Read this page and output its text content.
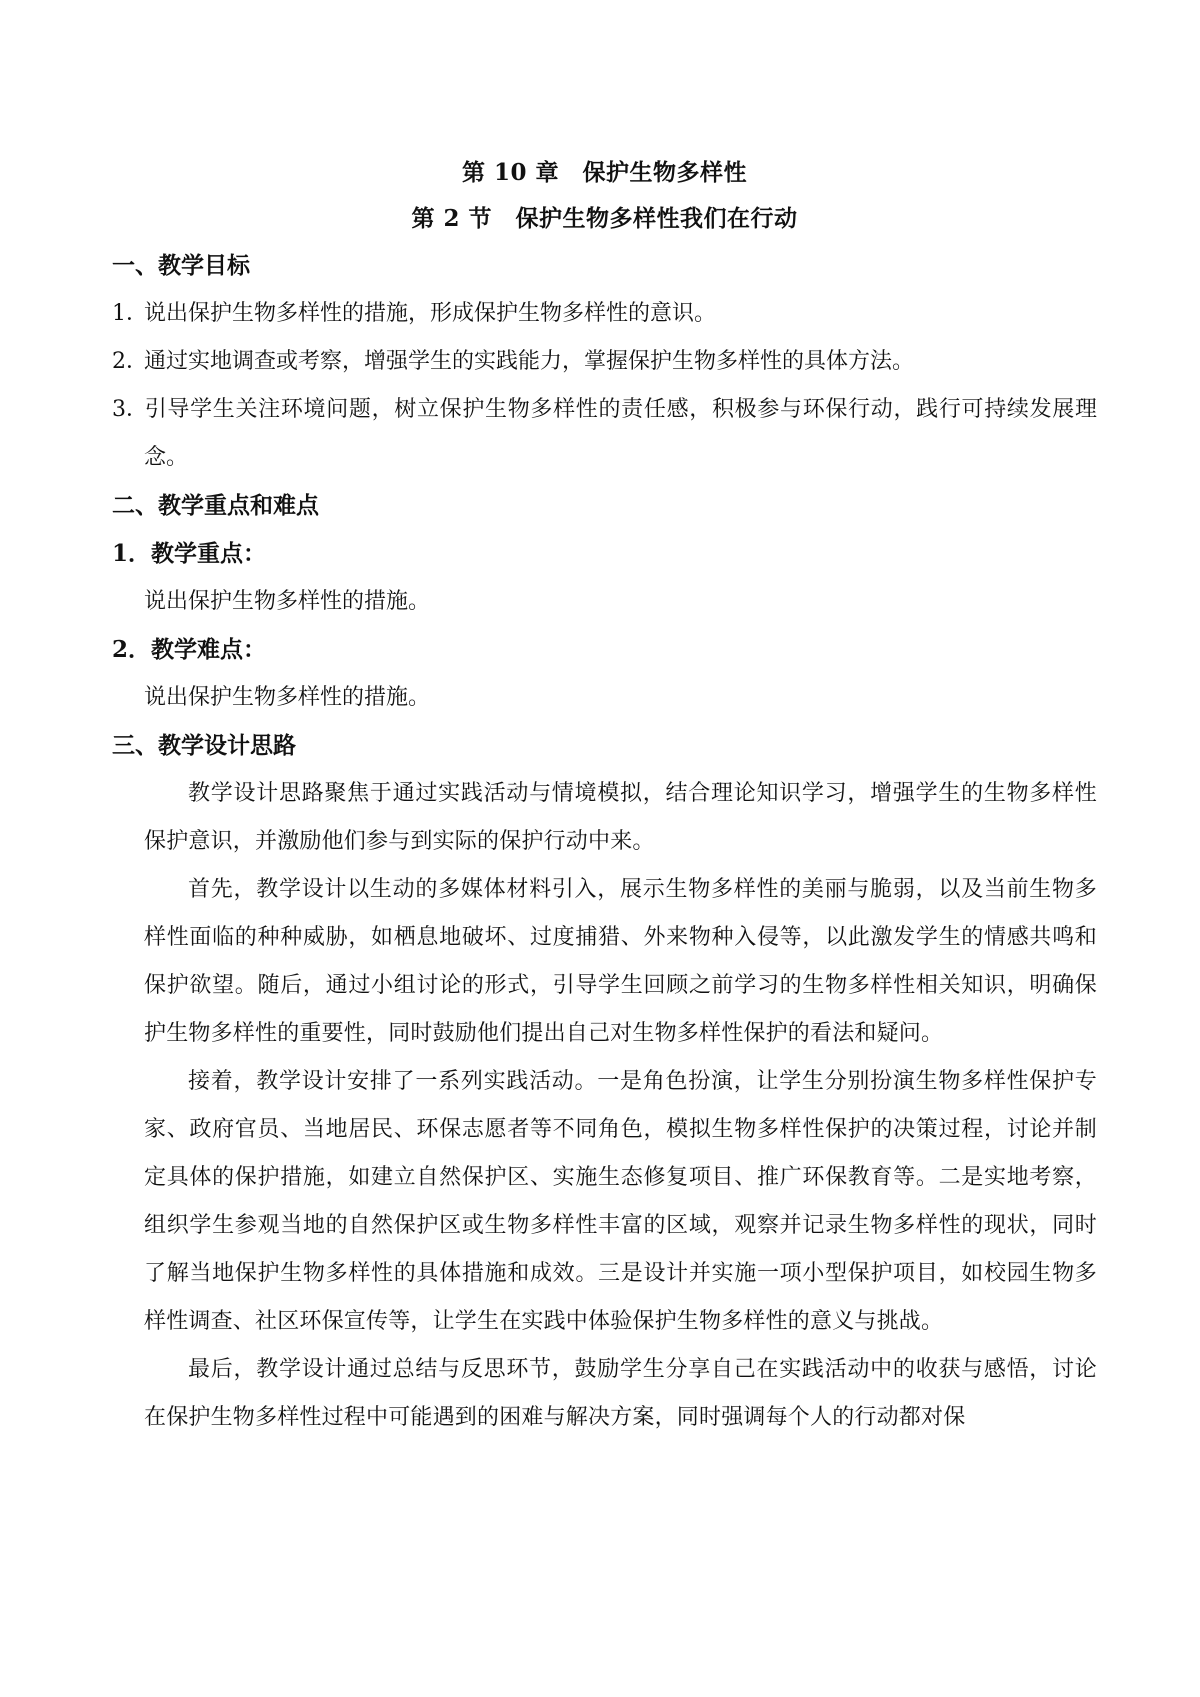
第 10 章　保护生物多样性
第 2 节　保护生物多样性我们在行动
一、教学目标
1．说出保护生物多样性的措施，形成保护生物多样性的意识。
2．通过实地调查或考察，增强学生的实践能力，掌握保护生物多样性的具体方法。
3．引导学生关注环境问题，树立保护生物多样性的责任感，积极参与环保行动，践行可持续发展理念。
二、教学重点和难点
1．教学重点：
说出保护生物多样性的措施。
2．教学难点：
说出保护生物多样性的措施。
三、教学设计思路
教学设计思路聚焦于通过实践活动与情境模拟，结合理论知识学习，增强学生的生物多样性保护意识，并激励他们参与到实际的保护行动中来。
首先，教学设计以生动的多媒体材料引入，展示生物多样性的美丽与脆弱，以及当前生物多样性面临的种种威胁，如栖息地破坏、过度捕猎、外来物种入侵等，以此激发学生的情感共鸣和保护欲望。随后，通过小组讨论的形式，引导学生回顾之前学习的生物多样性相关知识，明确保护生物多样性的重要性，同时鼓励他们提出自己对生物多样性保护的看法和疑问。
接着，教学设计安排了一系列实践活动。一是角色扮演，让学生分别扮演生物多样性保护专家、政府官员、当地居民、环保志愿者等不同角色，模拟生物多样性保护的决策过程，讨论并制定具体的保护措施，如建立自然保护区、实施生态修复项目、推广环保教育等。二是实地考察，组织学生参观当地的自然保护区或生物多样性丰富的区域，观察并记录生物多样性的现状，同时了解当地保护生物多样性的具体措施和成效。三是设计并实施一项小型保护项目，如校园生物多样性调查、社区环保宣传等，让学生在实践中体验保护生物多样性的意义与挑战。
最后，教学设计通过总结与反思环节，鼓励学生分享自己在实践活动中的收获与感悟，讨论在保护生物多样性过程中可能遇到的困难与解决方案，同时强调每个人的行动都对保
